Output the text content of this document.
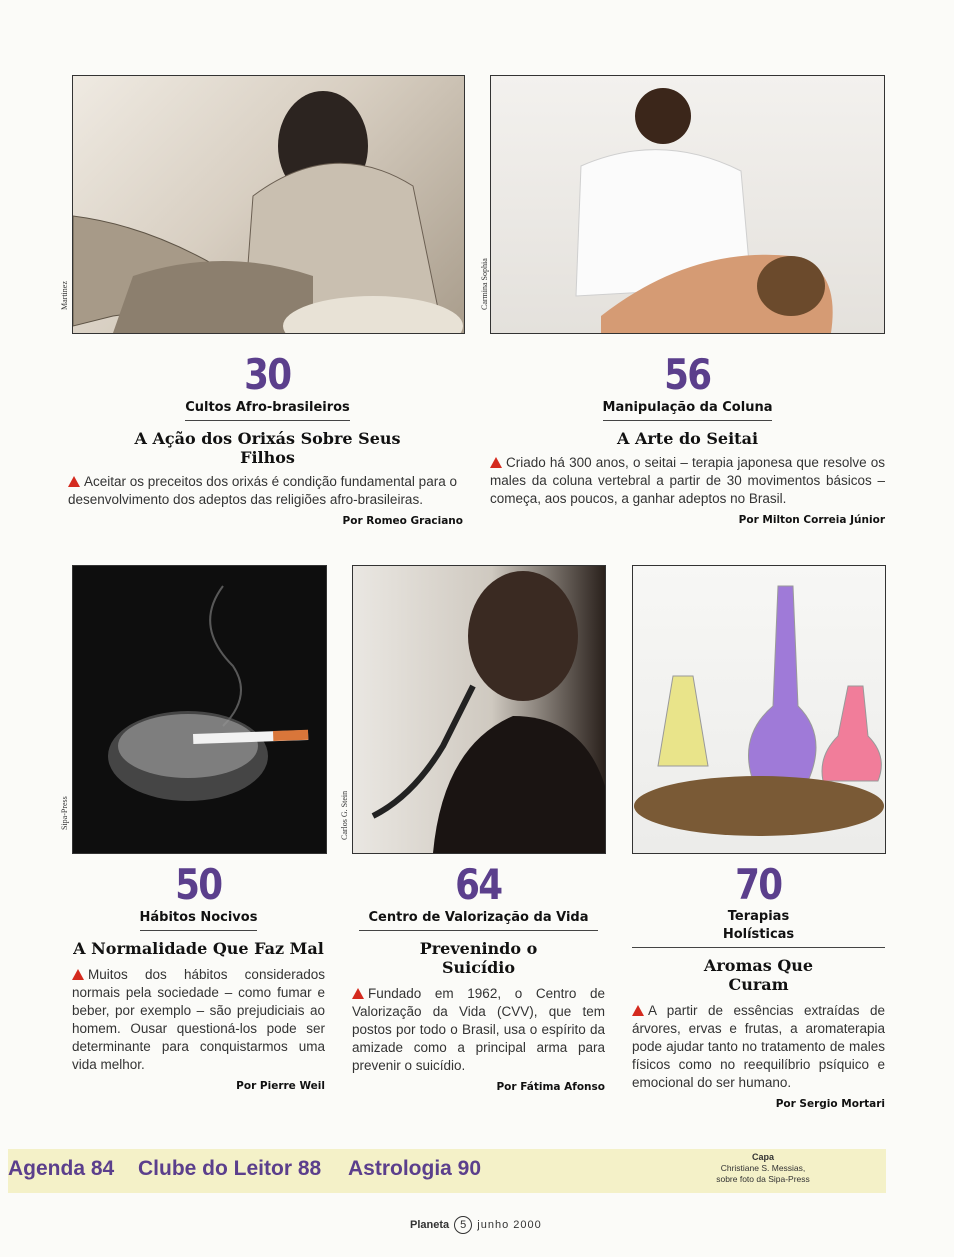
Martinez	Carmina Sophia
Sipa-Press	Carlos G. Stein
30
Cultos Afro-brasileiros
A Ação dos Orixás Sobre Seus Filhos
Aceitar os preceitos dos orixás é condição fundamental para o desenvolvimento dos adeptos das religiões afro-brasileiras.
Por Romeo Graciano
56
Manipulação da Coluna
A Arte do Seitai
Criado há 300 anos, o seitai – terapia japonesa que resolve os males da coluna vertebral a partir de 30 movimentos básicos – começa, aos poucos, a ganhar adeptos no Brasil.
Por Milton Correia Júnior
50
Hábitos Nocivos
A Normalidade Que Faz Mal
Muitos dos hábitos considerados normais pela sociedade – como fumar e beber, por exemplo – são prejudiciais ao homem. Ousar questioná-los pode ser determinante para conquistarmos uma vida melhor.
Por Pierre Weil
64
Centro de Valorização da Vida
Prevenindo o Suicídio
Fundado em 1962, o Centro de Valorização da Vida (CVV), que tem postos por todo o Brasil, usa o espírito da amizade como a principal arma para prevenir o suicídio.
Por Fátima Afonso
70
Terapias Holísticas
Aromas Que Curam
A partir de essências extraídas de árvores, ervas e frutas, a aromaterapia pode ajudar tanto no tratamento de males físicos como no reequilíbrio psíquico e emocional do ser humano.
Por Sergio Mortari
Agenda 84 Clube do Leitor 88 Astrologia 90	Capa
Christiane S. Messias,
sobre foto da Sipa-Press
Planeta 5 junho 2000
